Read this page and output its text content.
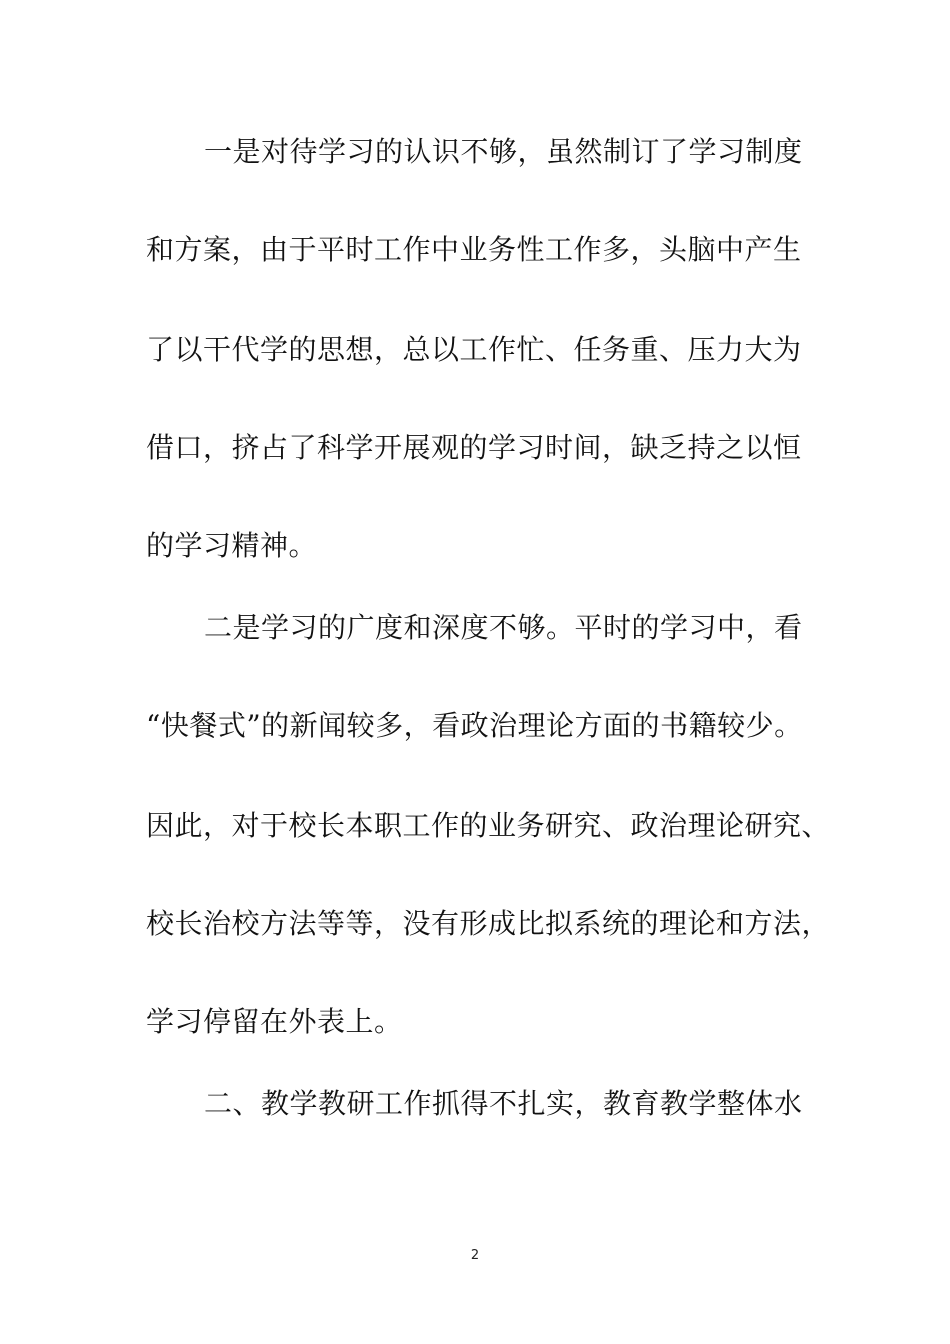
一是对待学习的认识不够，虽然制订了学习制度
和方案，由于平时工作中业务性工作多，头脑中产生
了以干代学的思想，总以工作忙、任务重、压力大为
借口，挤占了科学开展观的学习时间，缺乏持之以恒
的学习精神。
二是学习的广度和深度不够。平时的学习中，看
“快餐式”的新闻较多，看政治理论方面的书籍较少。
因此，对于校长本职工作的业务研究、政治理论研究、
校长治校方法等等，没有形成比拟系统的理论和方法，
学习停留在外表上。
二、教学教研工作抓得不扎实，教育教学整体水
2
